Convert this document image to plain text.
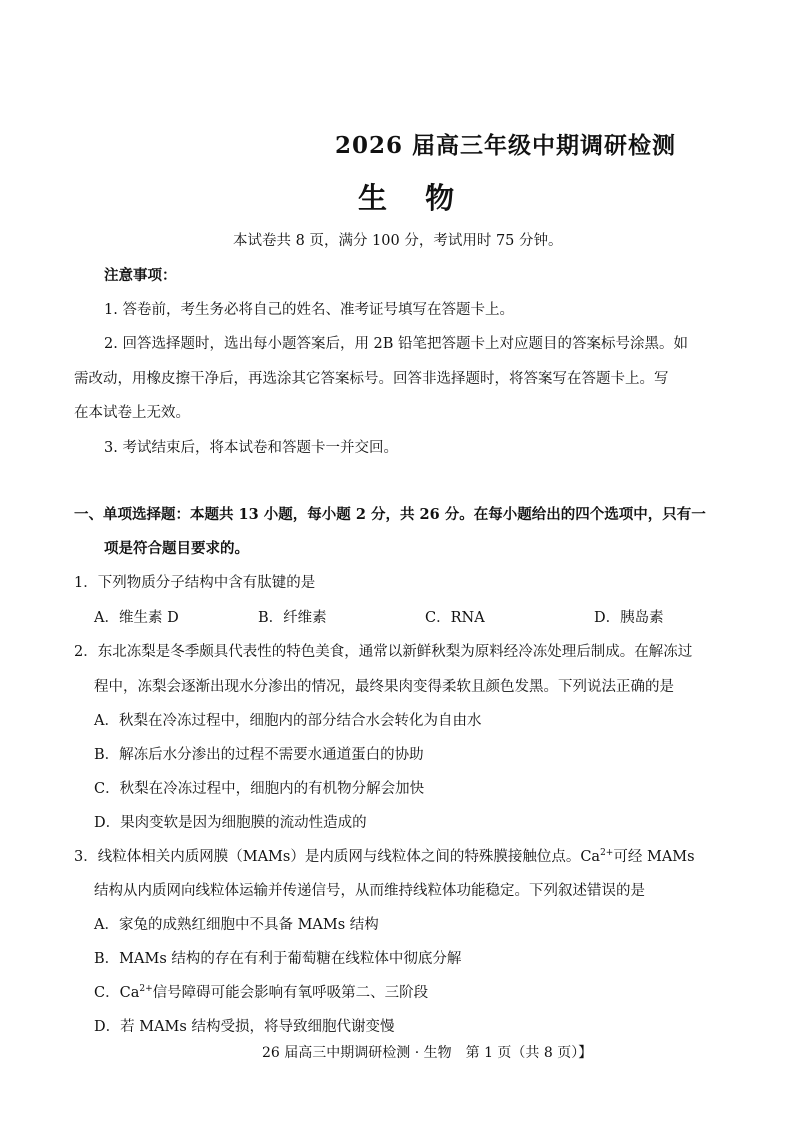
2026 届高三年级中期调研检测
生 物
本试卷共 8 页，满分 100 分，考试用时 75 分钟。
注意事项：
1. 答卷前，考生务必将自己的姓名、准考证号填写在答题卡上。
2. 回答选择题时，选出每小题答案后，用 2B 铅笔把答题卡上对应题目的答案标号涂黑。如
需改动，用橡皮擦干净后，再选涂其它答案标号。回答非选择题时，将答案写在答题卡上。写
在本试卷上无效。
3. 考试结束后，将本试卷和答题卡一并交回。
一、单项选择题：本题共 13 小题，每小题 2 分，共 26 分。在每小题给出的四个选项中，只有一
项是符合题目要求的。
1．下列物质分子结构中含有肽键的是
A．维生素 D	B．纤维素	C．RNA	D．胰岛素
2．东北冻梨是冬季颇具代表性的特色美食，通常以新鲜秋梨为原料经冷冻处理后制成。在解冻过
程中，冻梨会逐渐出现水分渗出的情况，最终果肉变得柔软且颜色发黑。下列说法正确的是
A．秋梨在冷冻过程中，细胞内的部分结合水会转化为自由水
B．解冻后水分渗出的过程不需要水通道蛋白的协助
C．秋梨在冷冻过程中，细胞内的有机物分解会加快
D．果肉变软是因为细胞膜的流动性造成的
3．线粒体相关内质网膜（MAMs）是内质网与线粒体之间的特殊膜接触位点。$Ca^{2+}$可经 MAMs
结构从内质网向线粒体运输并传递信号，从而维持线粒体功能稳定。下列叙述错误的是
A．家兔的成熟红细胞中不具备 MAMs 结构
B．MAMs 结构的存在有利于葡萄糖在线粒体中彻底分解
C．$Ca^{2+}$信号障碍可能会影响有氧呼吸第二、三阶段
D．若 MAMs 结构受损，将导致细胞代谢变慢
26 届高三中期调研检测 · 生物　第 1 页（共 8 页）】
